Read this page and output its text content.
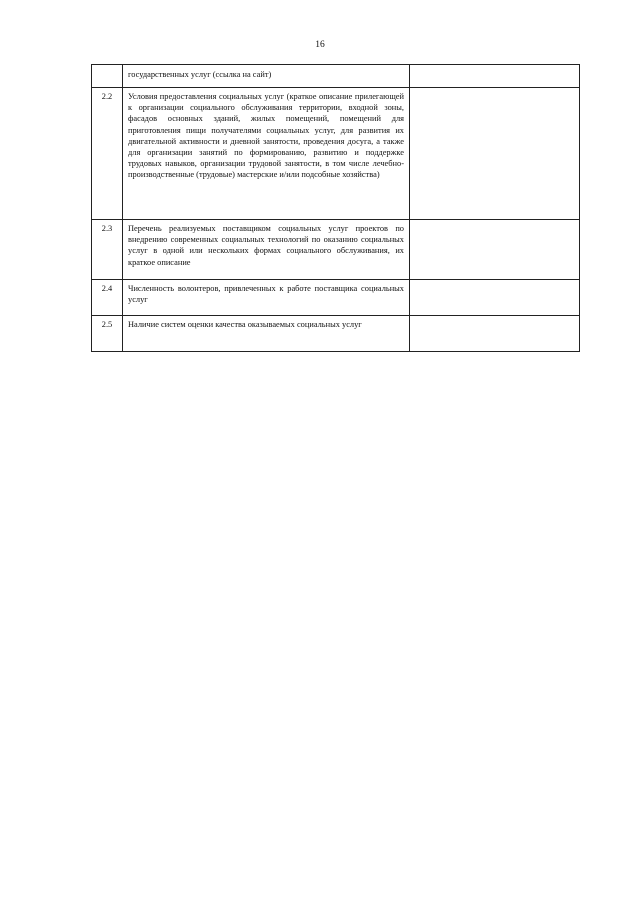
16

	государственных услуг (ссылка на сайт)	

2.2	Условия предоставления социальных услуг (краткое описание прилегающей к организации социального обслуживания территории, входной зоны, фасадов основных зданий, жилых помещений, помещений для приготовления пищи получателями социальных услуг, для развития их двигательной активности и дневной занятости, проведения досуга, а также для организации занятий по формированию, развитию и поддержке трудовых навыков, организации трудовой занятости, в том числе лечебно-производственные (трудовые) мастерские и/или подсобные хозяйства)	

2.3	Перечень реализуемых поставщиком социальных услуг проектов по внедрению современных социальных технологий по оказанию социальных услуг в одной или нескольких формах социального обслуживания, их краткое описание	

2.4	Численность волонтеров, привлеченных к работе поставщика социальных услуг	

2.5	Наличие систем оценки качества оказываемых социальных услуг	
